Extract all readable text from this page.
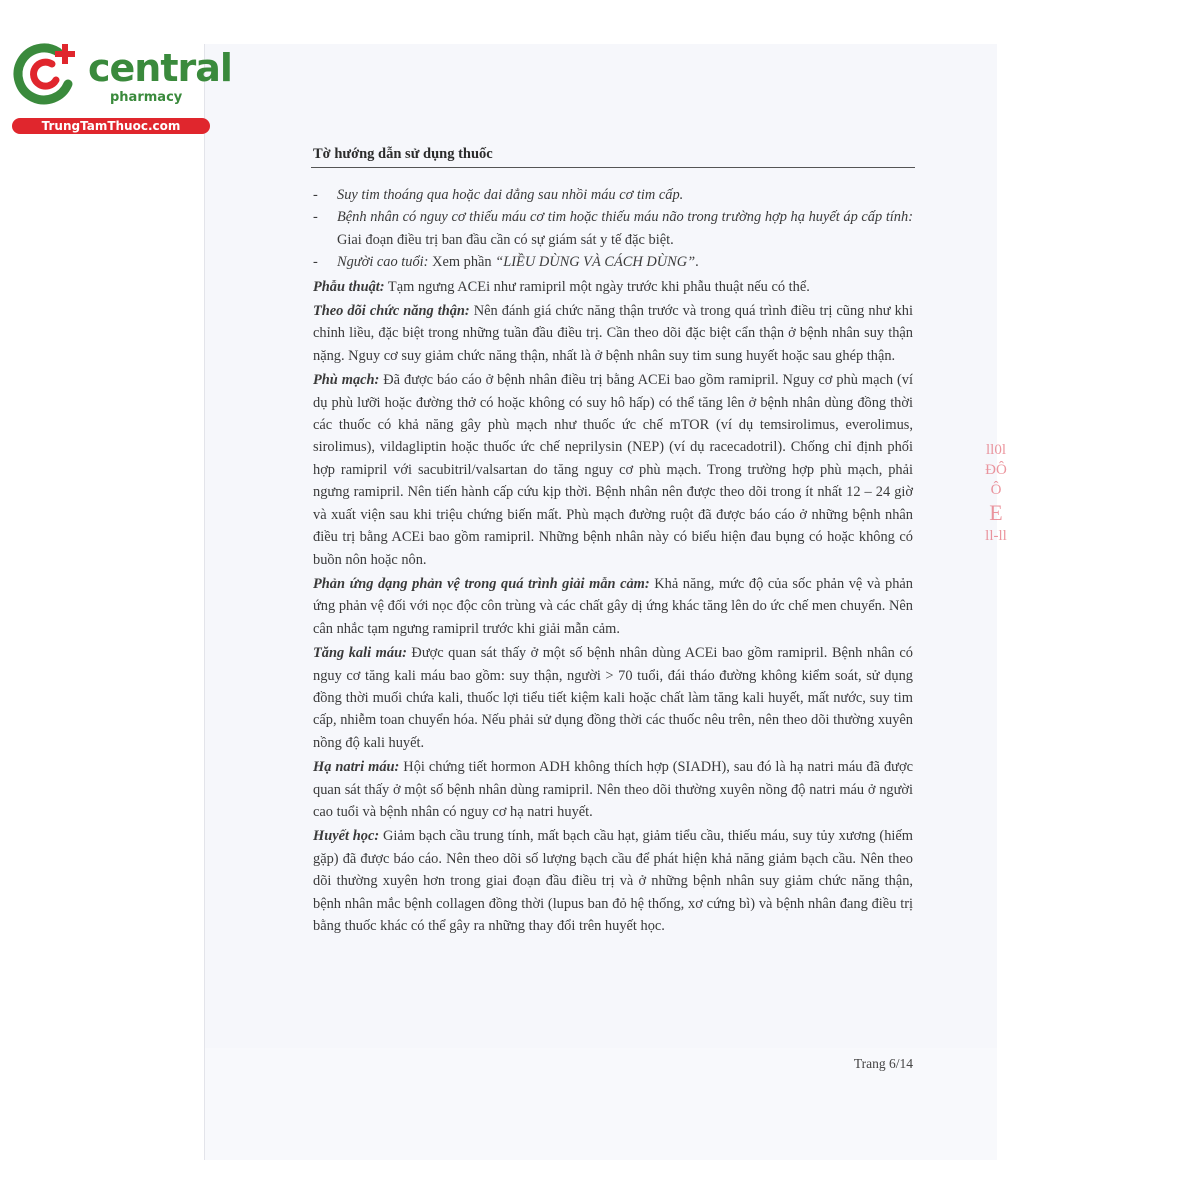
central
pharmacy
TrungTamThuoc.com
Tờ hướng dẫn sử dụng thuốc

- Suy tim thoáng qua hoặc dai dẳng sau nhồi máu cơ tim cấp.

- Bệnh nhân có nguy cơ thiếu máu cơ tim hoặc thiếu máu não trong trường hợp hạ huyết áp cấp tính: Giai đoạn điều trị ban đầu cần có sự giám sát y tế đặc biệt.

- Người cao tuổi: Xem phần “LIỀU DÙNG VÀ CÁCH DÙNG”.

Phẫu thuật: Tạm ngưng ACEi như ramipril một ngày trước khi phẫu thuật nếu có thể.

Theo dõi chức năng thận: Nên đánh giá chức năng thận trước và trong quá trình điều trị cũng như khi chỉnh liều, đặc biệt trong những tuần đầu điều trị. Cần theo dõi đặc biệt cẩn thận ở bệnh nhân suy thận nặng. Nguy cơ suy giảm chức năng thận, nhất là ở bệnh nhân suy tim sung huyết hoặc sau ghép thận.

Phù mạch: Đã được báo cáo ở bệnh nhân điều trị bằng ACEi bao gồm ramipril. Nguy cơ phù mạch (ví dụ phù lưỡi hoặc đường thở có hoặc không có suy hô hấp) có thể tăng lên ở bệnh nhân dùng đồng thời các thuốc có khả năng gây phù mạch như thuốc ức chế mTOR (ví dụ temsirolimus, everolimus, sirolimus), vildagliptin hoặc thuốc ức chế neprilysin (NEP) (ví dụ racecadotril). Chống chỉ định phối hợp ramipril với sacubitril/valsartan do tăng nguy cơ phù mạch. Trong trường hợp phù mạch, phải ngưng ramipril. Nên tiến hành cấp cứu kịp thời. Bệnh nhân nên được theo dõi trong ít nhất 12 – 24 giờ và xuất viện sau khi triệu chứng biến mất. Phù mạch đường ruột đã được báo cáo ở những bệnh nhân điều trị bằng ACEi bao gồm ramipril. Những bệnh nhân này có biểu hiện đau bụng có hoặc không có buồn nôn hoặc nôn.

Phản ứng dạng phản vệ trong quá trình giải mẫn cảm: Khả năng, mức độ của sốc phản vệ và phản ứng phản vệ đối với nọc độc côn trùng và các chất gây dị ứng khác tăng lên do ức chế men chuyển. Nên cân nhắc tạm ngưng ramipril trước khi giải mẫn cảm.

Tăng kali máu: Được quan sát thấy ở một số bệnh nhân dùng ACEi bao gồm ramipril. Bệnh nhân có nguy cơ tăng kali máu bao gồm: suy thận, người > 70 tuổi, đái tháo đường không kiểm soát, sử dụng đồng thời muối chứa kali, thuốc lợi tiểu tiết kiệm kali hoặc chất làm tăng kali huyết, mất nước, suy tim cấp, nhiễm toan chuyển hóa. Nếu phải sử dụng đồng thời các thuốc nêu trên, nên theo dõi thường xuyên nồng độ kali huyết.

Hạ natri máu: Hội chứng tiết hormon ADH không thích hợp (SIADH), sau đó là hạ natri máu đã được quan sát thấy ở một số bệnh nhân dùng ramipril. Nên theo dõi thường xuyên nồng độ natri máu ở người cao tuổi và bệnh nhân có nguy cơ hạ natri huyết.

Huyết học: Giảm bạch cầu trung tính, mất bạch cầu hạt, giảm tiểu cầu, thiếu máu, suy tủy xương (hiếm gặp) đã được báo cáo. Nên theo dõi số lượng bạch cầu để phát hiện khả năng giảm bạch cầu. Nên theo dõi thường xuyên hơn trong giai đoạn đầu điều trị và ở những bệnh nhân suy giảm chức năng thận, bệnh nhân mắc bệnh collagen đồng thời (lupus ban đỏ hệ thống, xơ cứng bì) và bệnh nhân đang điều trị bằng thuốc khác có thể gây ra những thay đổi trên huyết học.

Trang 6/14
ll0l
ĐÔ
Ô
E
ll-ll
